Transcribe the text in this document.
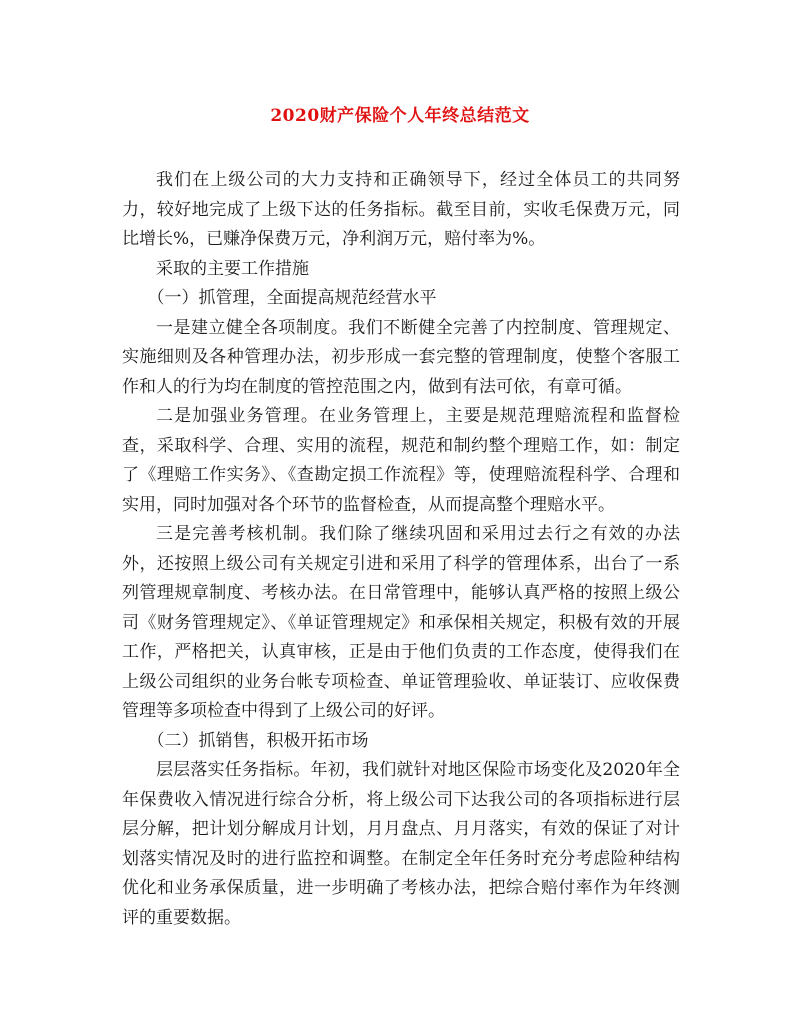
2020财产保险个人年终总结范文

我们在上级公司的大力支持和正确领导下，经过全体员工的共同努力，较好地完成了上级下达的任务指标。截至目前，实收毛保费万元，同比增长%，已赚净保费万元，净利润万元，赔付率为%。

采取的主要工作措施

（一）抓管理，全面提高规范经营水平

一是建立健全各项制度。我们不断健全完善了内控制度、管理规定、实施细则及各种管理办法，初步形成一套完整的管理制度，使整个客服工作和人的行为均在制度的管控范围之内，做到有法可依，有章可循。

二是加强业务管理。在业务管理上，主要是规范理赔流程和监督检查，采取科学、合理、实用的流程，规范和制约整个理赔工作，如：制定了《理赔工作实务》、《查勘定损工作流程》等，使理赔流程科学、合理和实用，同时加强对各个环节的监督检查，从而提高整个理赔水平。

三是完善考核机制。我们除了继续巩固和采用过去行之有效的办法外，还按照上级公司有关规定引进和采用了科学的管理体系，出台了一系列管理规章制度、考核办法。在日常管理中，能够认真严格的按照上级公司《财务管理规定》、《单证管理规定》和承保相关规定，积极有效的开展工作，严格把关，认真审核，正是由于他们负责的工作态度，使得我们在上级公司组织的业务台帐专项检查、单证管理验收、单证装订、应收保费管理等多项检查中得到了上级公司的好评。

（二）抓销售，积极开拓市场

层层落实任务指标。年初，我们就针对地区保险市场变化及2020年全年保费收入情况进行综合分析，将上级公司下达我公司的各项指标进行层层分解，把计划分解成月计划，月月盘点、月月落实，有效的保证了对计划落实情况及时的进行监控和调整。在制定全年任务时充分考虑险种结构优化和业务承保质量，进一步明确了考核办法，把综合赔付率作为年终测评的重要数据。
